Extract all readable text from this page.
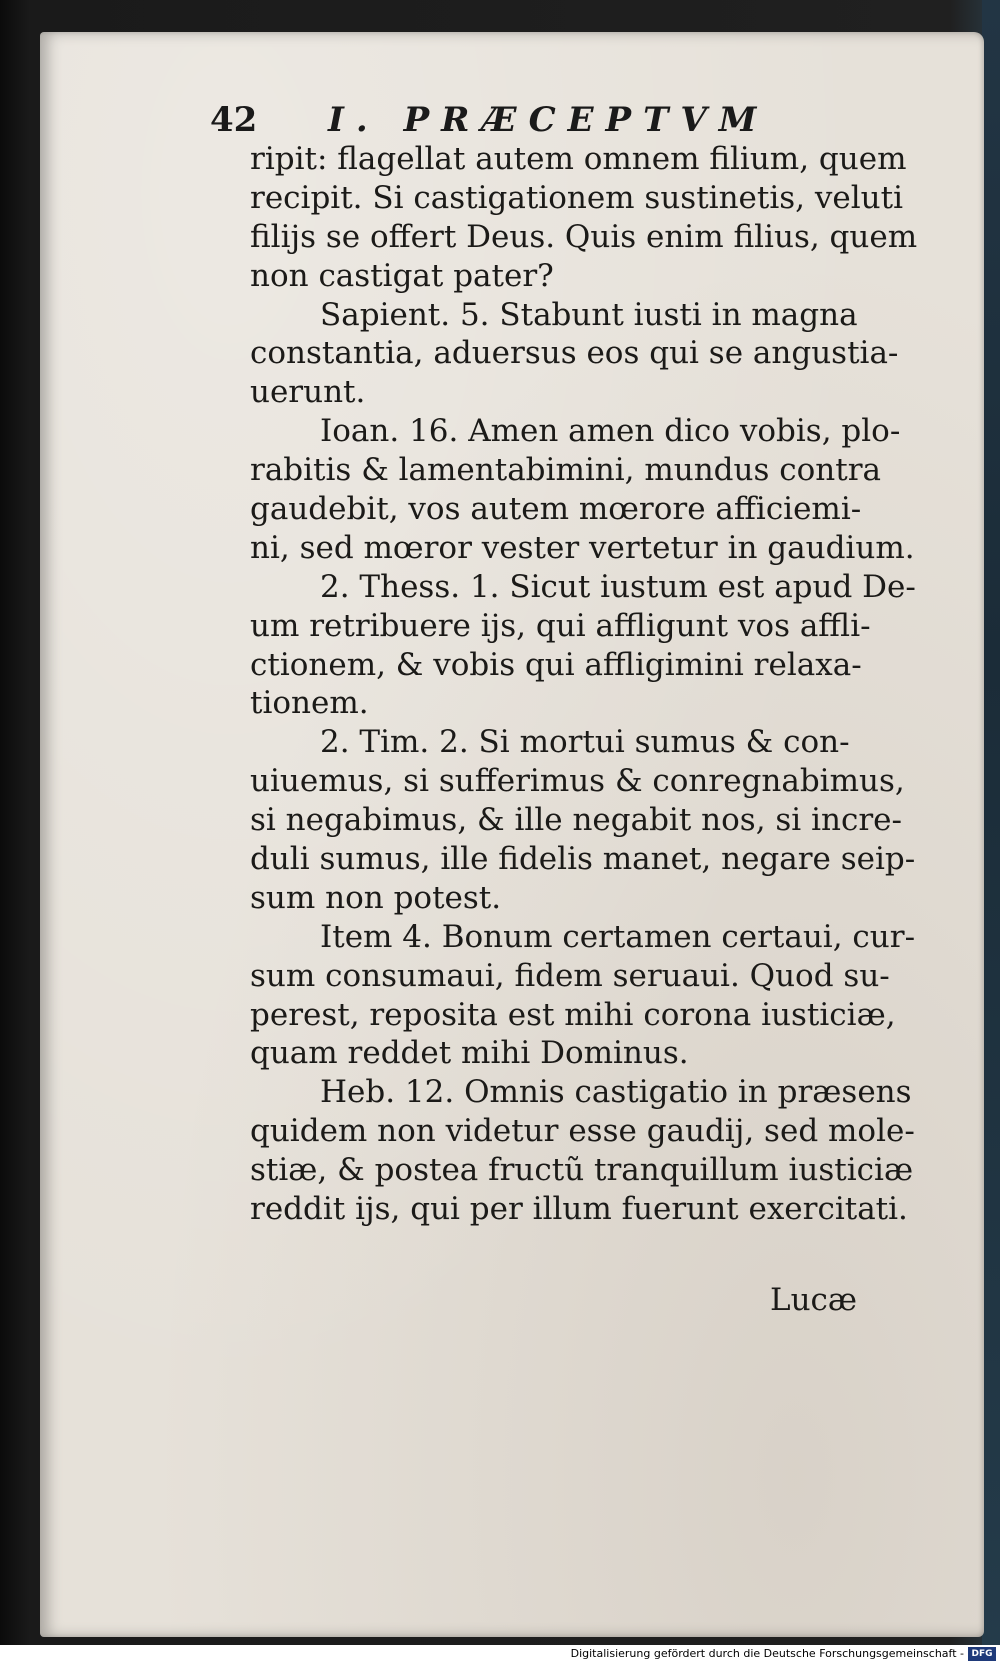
42 I. PRÆCEPTVM
ripit: flagellat autem omnem filium, quem
recipit. Si castigationem sustinetis, veluti
filijs se offert Deus. Quis enim filius, quem
non castigat pater?
Sapient. 5. Stabunt iusti in magna
constantia, aduersus eos qui se angustia-
uerunt.
Ioan. 16. Amen amen dico vobis, plo-
rabitis & lamentabimini, mundus contra
gaudebit, vos autem mœrore afficiemi-
ni, sed mœror vester vertetur in gaudium.
2. Thess. 1. Sicut iustum est apud De-
um retribuere ijs, qui affligunt vos affli-
ctionem, & vobis qui affligimini relaxa-
tionem.
2. Tim. 2. Si mortui sumus & con-
uiuemus, si sufferimus & conregnabimus,
si negabimus, & ille negabit nos, si incre-
duli sumus, ille fidelis manet, negare seip-
sum non potest.
Item 4. Bonum certamen certaui, cur-
sum consumaui, fidem seruaui. Quod su-
perest, reposita est mihi corona iusticiæ,
quam reddet mihi Dominus.
Heb. 12. Omnis castigatio in præsens
quidem non videtur esse gaudij, sed mole-
stiæ, & postea fructũ tranquillum iusticiæ
reddit ijs, qui per illum fuerunt exercitati.
Lucæ
Digitalisierung gefördert durch die Deutsche Forschungsgemeinschaft - DFG
